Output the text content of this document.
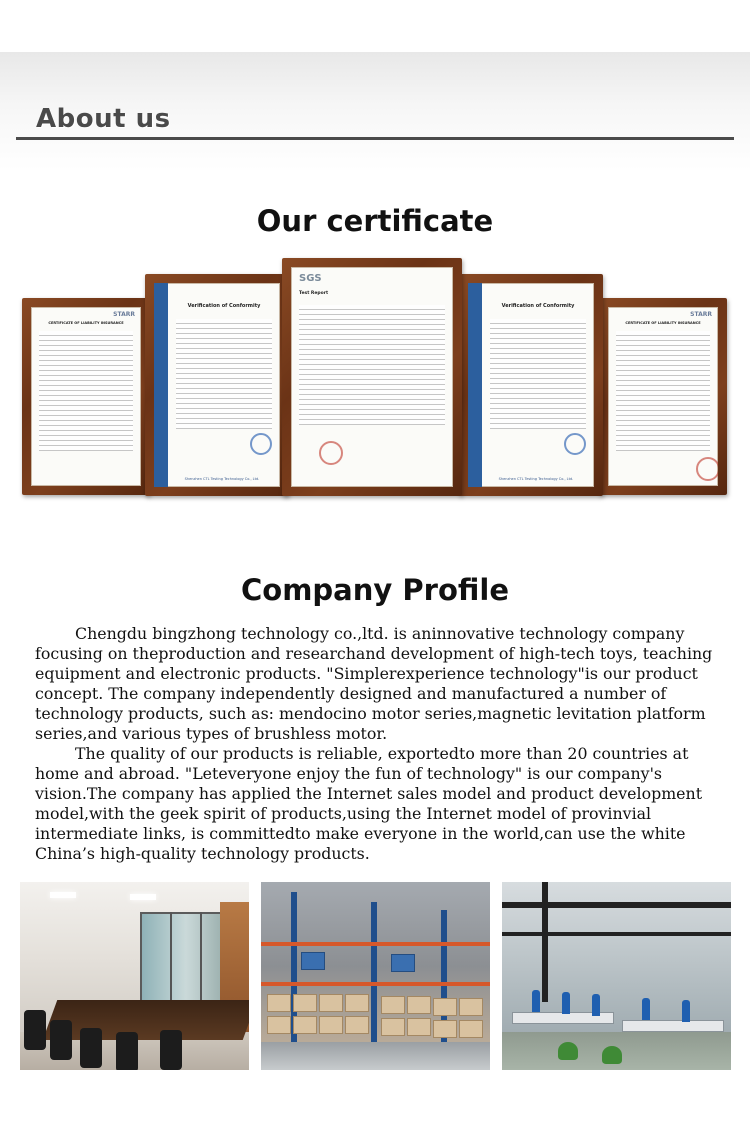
About us
Our certificate
STARR
CERTIFICATE OF LIABILITY INSURANCE
STARR
CERTIFICATE OF LIABILITY INSURANCE
Verification of Conformity
Shenzhen CTL Testing Technology Co., Ltd.
Verification of Conformity
Shenzhen CTL Testing Technology Co., Ltd.
SGS
Test Report
Company Profile

Chengdu bingzhong technology co.,ltd. is aninnovative technology company focusing on theproduction and researchand development of high-tech toys, teaching equipment and electronic products. "Simplerexperience technology"is our product concept. The company independently designed and manufactured a number of technology products, such as: mendocino motor series,magnetic levitation platform series,and various types of brushless motor.

The quality of our products is reliable, exportedto more than 20 countries at home and abroad. "Leteveryone enjoy the fun of technology" is our company's vision.The company has applied the Internet sales model and product development model,with the geek spirit of products,using the Internet model of provinvial intermediate links, is committedto make everyone in the world,can use the white China’s high-quality technology products.
